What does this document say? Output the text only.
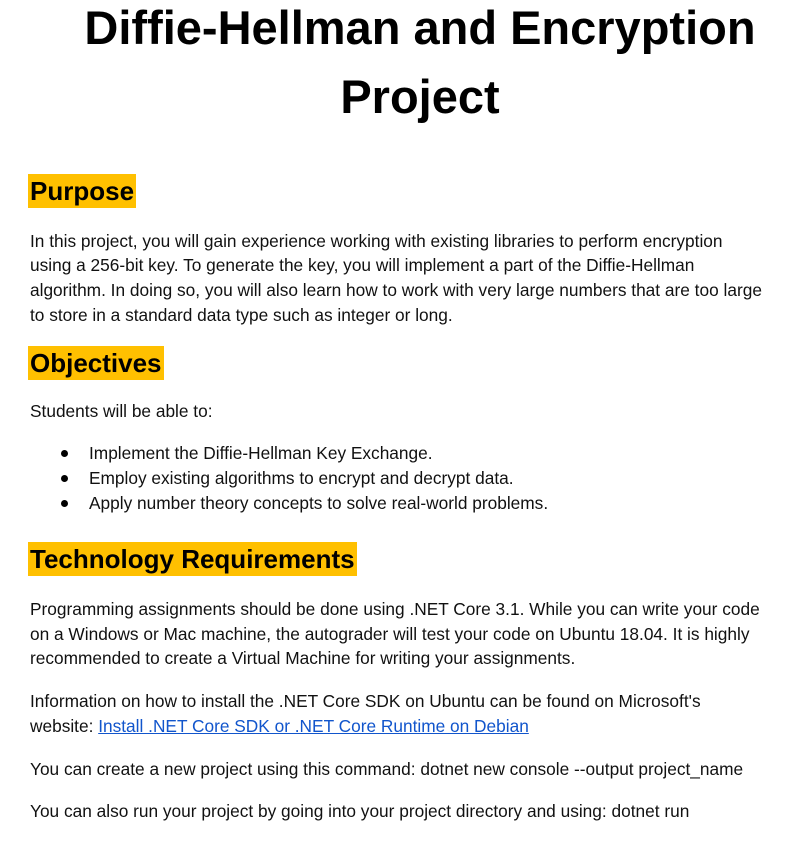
Diffie-Hellman and Encryption
Project
Purpose
In this project, you will gain experience working with existing libraries to perform encryption
using a 256-bit key. To generate the key, you will implement a part of the Diffie-Hellman
algorithm. In doing so, you will also learn how to work with very large numbers that are too large
to store in a standard data type such as integer or long.
Objectives
Students will be able to:
Implement the Diffie-Hellman Key Exchange.
Employ existing algorithms to encrypt and decrypt data.
Apply number theory concepts to solve real-world problems.
Technology Requirements
Programming assignments should be done using .NET Core 3.1. While you can write your code
on a Windows or Mac machine, the autograder will test your code on Ubuntu 18.04. It is highly
recommended to create a Virtual Machine for writing your assignments.
Information on how to install the .NET Core SDK on Ubuntu can be found on Microsoft's
website: Install .NET Core SDK or .NET Core Runtime on Debian
You can create a new project using this command: dotnet new console --output project_name
You can also run your project by going into your project directory and using: dotnet run
